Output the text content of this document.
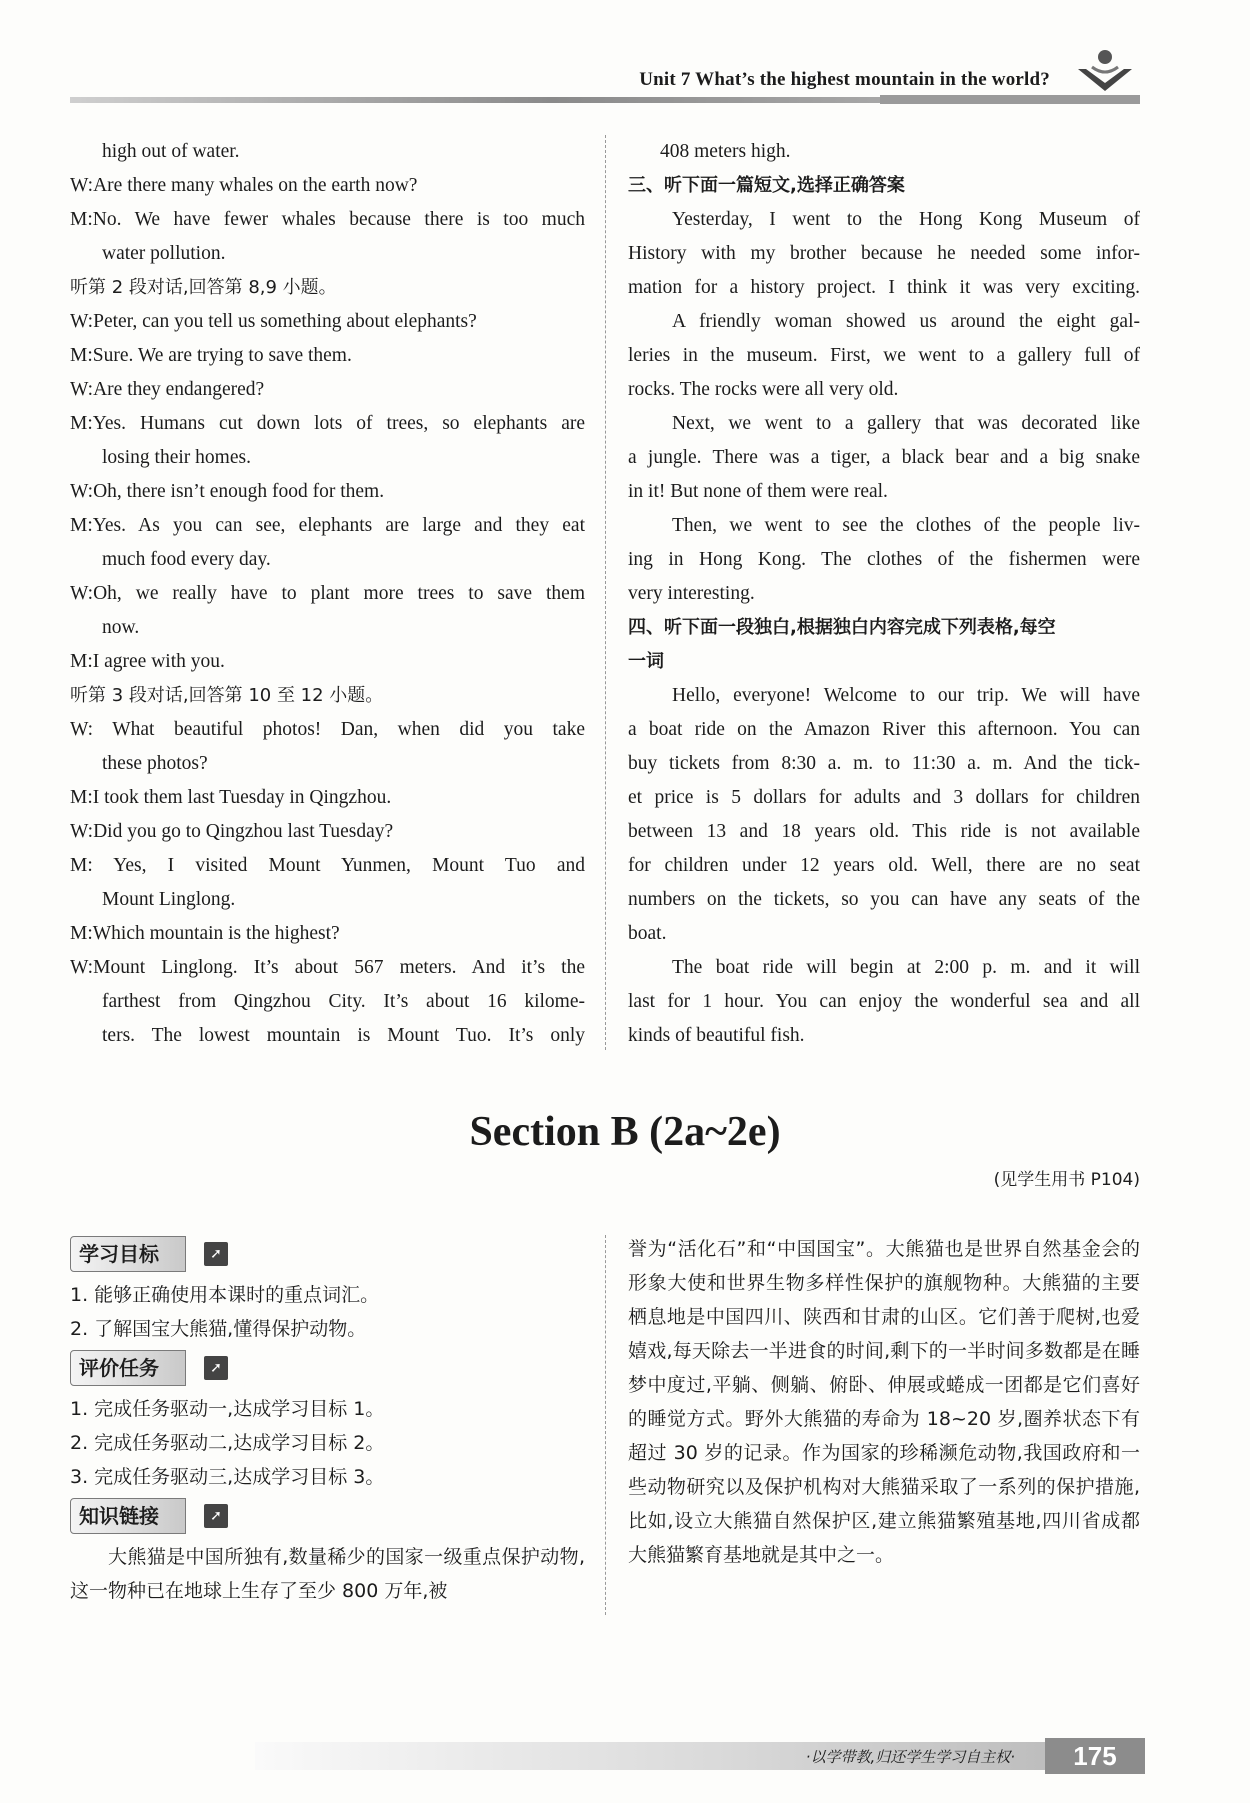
Unit 7 What’s the highest mountain in the world?
high out of water.
W:Are there many whales on the earth now?
M:No. We have fewer whales because there is too much
water pollution.
听第 2 段对话,回答第 8,9 小题。
W:Peter, can you tell us something about elephants?
M:Sure. We are trying to save them.
W:Are they endangered?
M:Yes. Humans cut down lots of trees, so elephants are
losing their homes.
W:Oh, there isn’t enough food for them.
M:Yes. As you can see, elephants are large and they eat
much food every day.
W:Oh, we really have to plant more trees to save them
now.
M:I agree with you.
听第 3 段对话,回答第 10 至 12 小题。
W: What beautiful photos! Dan, when did you take
these photos?
M:I took them last Tuesday in Qingzhou.
W:Did you go to Qingzhou last Tuesday?
M: Yes, I visited Mount Yunmen, Mount Tuo and
Mount Linglong.
M:Which mountain is the highest?
W:Mount Linglong. It’s about 567 meters. And it’s the
farthest from Qingzhou City. It’s about 16 kilome-
ters. The lowest mountain is Mount Tuo. It’s only
408 meters high.
三、听下面一篇短文,选择正确答案
Yesterday, I went to the Hong Kong Museum of
History with my brother because he needed some infor-
mation for a history project. I think it was very exciting.
A friendly woman showed us around the eight gal-
leries in the museum. First, we went to a gallery full of
rocks. The rocks were all very old.
Next, we went to a gallery that was decorated like
a jungle. There was a tiger, a black bear and a big snake
in it! But none of them were real.
Then, we went to see the clothes of the people liv-
ing in Hong Kong. The clothes of the fishermen were
very interesting.
四、听下面一段独白,根据独白内容完成下列表格,每空
一词
Hello, everyone! Welcome to our trip. We will have
a boat ride on the Amazon River this afternoon. You can
buy tickets from 8:30 a. m. to 11:30 a. m. And the tick-
et price is 5 dollars for adults and 3 dollars for children
between 13 and 18 years old. This ride is not available
for children under 12 years old. Well, there are no seat
numbers on the tickets, so you can have any seats of the
boat.
The boat ride will begin at 2:00 p. m. and it will
last for 1 hour. You can enjoy the wonderful sea and all
kinds of beautiful fish.
Section B (2a~2e)
(见学生用书 P104)
学习目标	➚
1. 能够正确使用本课时的重点词汇。
2. 了解国宝大熊猫,懂得保护动物。
评价任务	➚
1. 完成任务驱动一,达成学习目标 1。
2. 完成任务驱动二,达成学习目标 2。
3. 完成任务驱动三,达成学习目标 3。
知识链接	➚
大熊猫是中国所独有,数量稀少的国家一级重点保护动物,这一物种已在地球上生存了至少 800 万年,被
誉为“活化石”和“中国国宝”。大熊猫也是世界自然基金会的形象大使和世界生物多样性保护的旗舰物种。大熊猫的主要栖息地是中国四川、陕西和甘肃的山区。它们善于爬树,也爱嬉戏,每天除去一半进食的时间,剩下的一半时间多数都是在睡梦中度过,平躺、侧躺、俯卧、伸展或蜷成一团都是它们喜好的睡觉方式。野外大熊猫的寿命为 18~20 岁,圈养状态下有超过 30 岁的记录。作为国家的珍稀濒危动物,我国政府和一些动物研究以及保护机构对大熊猫采取了一系列的保护措施,比如,设立大熊猫自然保护区,建立熊猫繁殖基地,四川省成都大熊猫繁育基地就是其中之一。
·以学带教,归还学生学习自主权·	175
